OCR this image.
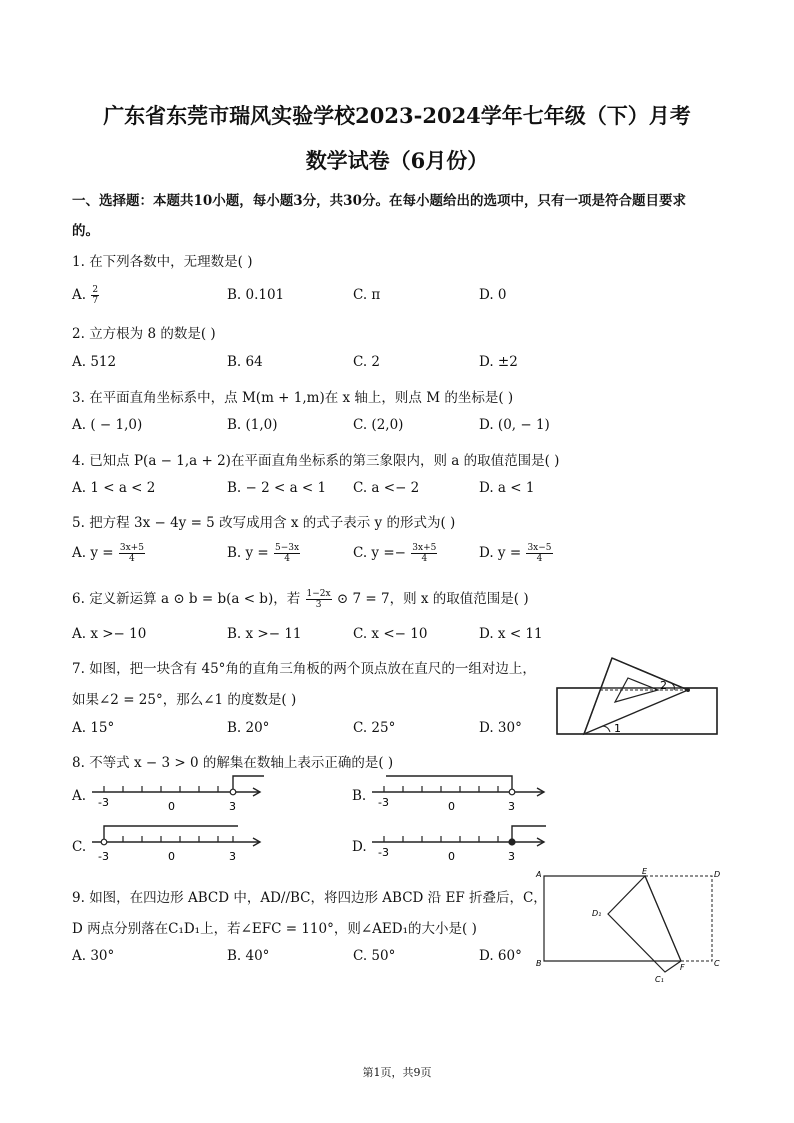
广东省东莞市瑞风实验学校2023-2024学年七年级（下）月考
数学试卷（6月份）
一、选择题：本题共10小题，每小题3分，共30分。在每小题给出的选项中，只有一项是符合题目要求
的。
1. 在下列各数中，无理数是( )
A. $\frac{2}{7}$	B. 0.101	C. π	D. 0
2. 立方根为 8 的数是( )
A. 512	B. 64	C. 2	D. ±2
3. 在平面直角坐标系中，点 M(m + 1,m)在 x 轴上，则点 M 的坐标是( )
A. ( − 1,0)	B. (1,0)	C. (2,0)	D. (0, − 1)
4. 已知点 P(a − 1,a + 2)在平面直角坐标系的第三象限内，则 a 的取值范围是( )
A. 1 < a < 2	B. − 2 < a < 1 C. a <− 2	D. a < 1
5. 把方程 3x − 4y = 5 改写成用含 x 的式子表示 y 的形式为( )
A. $y = \frac{3x+5}{4}$	B. $y = \frac{5-3x}{4}$	C. $y =- \frac{3x+5}{4}$	D. $y = \frac{3x-5}{4}$
6. 定义新运算 a ⊙ b = b(a < b)，若 $\frac{1-2x}{3}$ ⊙ 7 = 7，则 x 的取值范围是( )
A. x >− 10	B. x >− 11	C. x <− 10	D. x < 11
7. 如图，把一块含有 45°角的直角三角板的两个顶点放在直尺的一组对边上，
如果∠2 = 25°，那么∠1 的度数是( )
A. 15°	B. 20°	C. 25°	D. 30°
2
1
8. 不等式 x − 3 > 0 的解集在数轴上表示正确的是( )
A. -3	0	3
B. -3	0	3
C.
-3	0	3
D. -3	0	3
9. 如图，在四边形 ABCD 中，AD//BC，将四边形 ABCD 沿 EF 折叠后，C，
D 两点分别落在C₁D₁上，若∠EFC = 110°，则∠AED₁的大小是( )
A. 30°	B. 40°	C. 50°	D. 60°
A
B	C
D
E
F
C₁
D₁
第1页，共9页
